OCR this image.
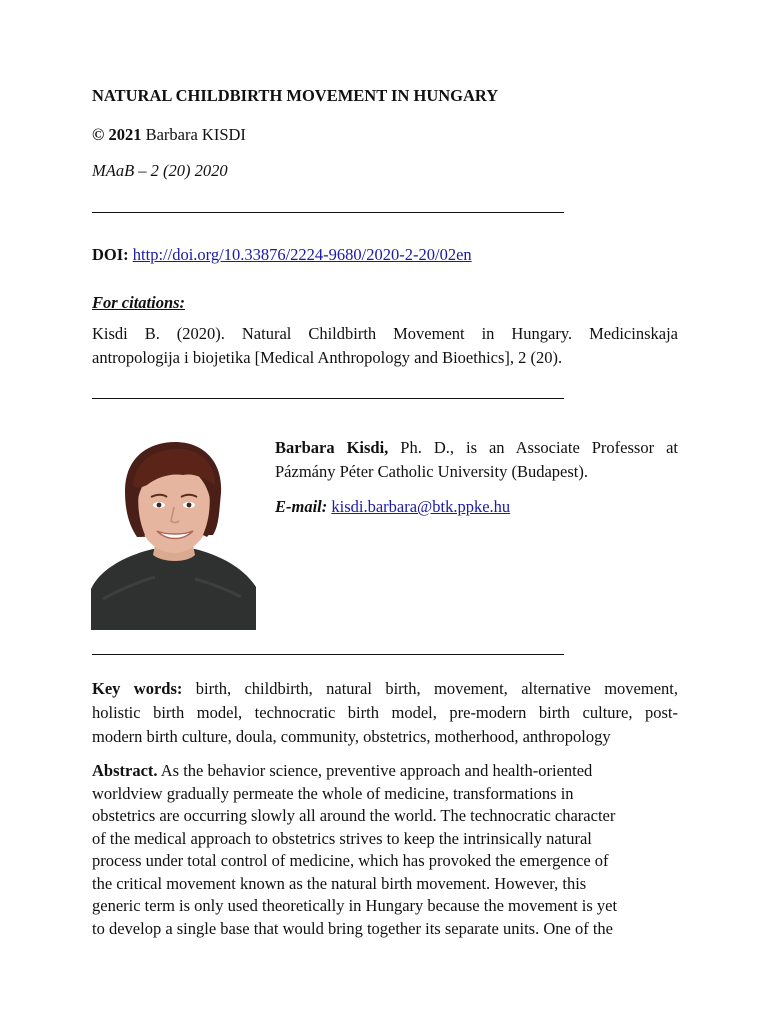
NATURAL CHILDBIRTH MOVEMENT IN HUNGARY
© 2021 Barbara KISDI
MAaB – 2 (20) 2020
DOI: http://doi.org/10.33876/2224-9680/2020-2-20/02en
For citations:
Kisdi B. (2020). Natural Childbirth Movement in Hungary. Medicinskaja
antropologija i biojetika [Medical Anthropology and Bioethics], 2 (20).
Barbara Kisdi, Ph. D., is an Associate Professor at
Pázmány Péter Catholic University (Budapest).
E-mail: kisdi.barbara@btk.ppke.hu
Key words: birth, childbirth, natural birth, movement, alternative movement,
holistic birth model, technocratic birth model, pre-modern birth culture, post-
modern birth culture, doula, community, obstetrics, motherhood, anthropology
Abstract. As the behavior science, preventive approach and health-oriented
worldview gradually permeate the whole of medicine, transformations in
obstetrics are occurring slowly all around the world. The technocratic character
of the medical approach to obstetrics strives to keep the intrinsically natural
process under total control of medicine, which has provoked the emergence of
the critical movement known as the natural birth movement. However, this
generic term is only used theoretically in Hungary because the movement is yet
to develop a single base that would bring together its separate units. One of the
